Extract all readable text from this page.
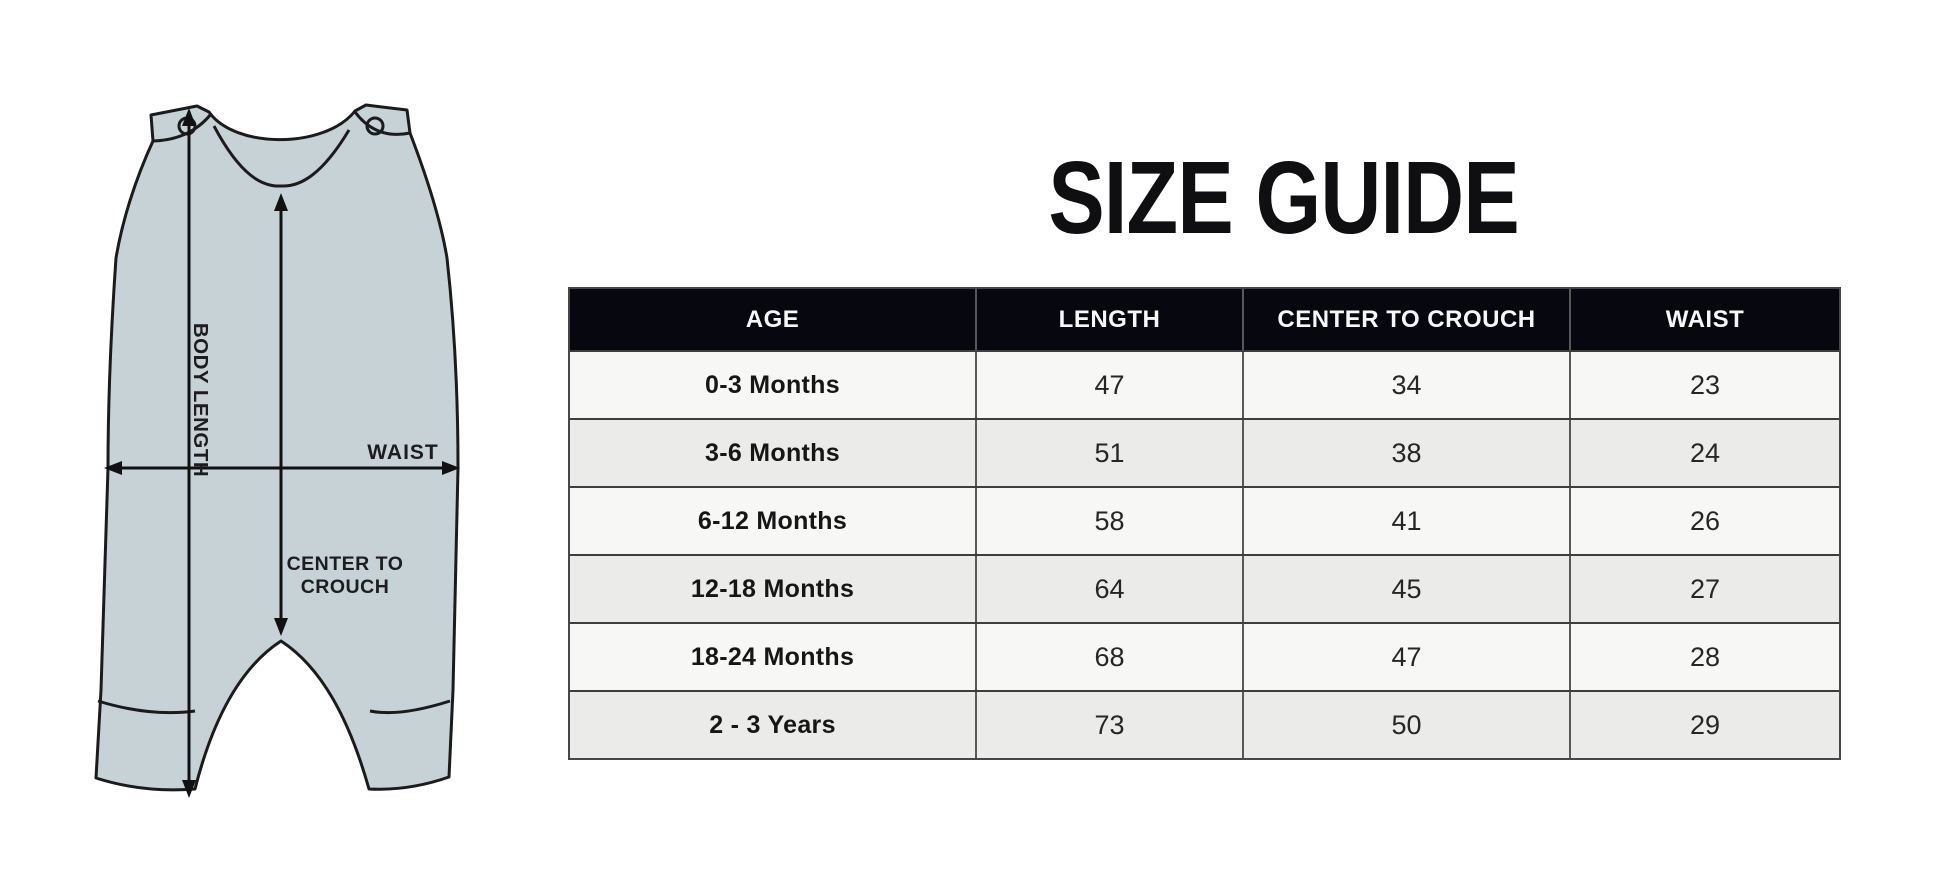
BODY LENGTH	WAIST
CENTER TO
CROUCH
SIZE GUIDE
AGE	LENGTH	CENTER TO CROUCH	WAIST
0-3 Months	47	34	23
3-6 Months	51	38	24
6-12 Months	58	41	26
12-18 Months	64	45	27
18-24 Months	68	47	28
2 - 3 Years	73	50	29
